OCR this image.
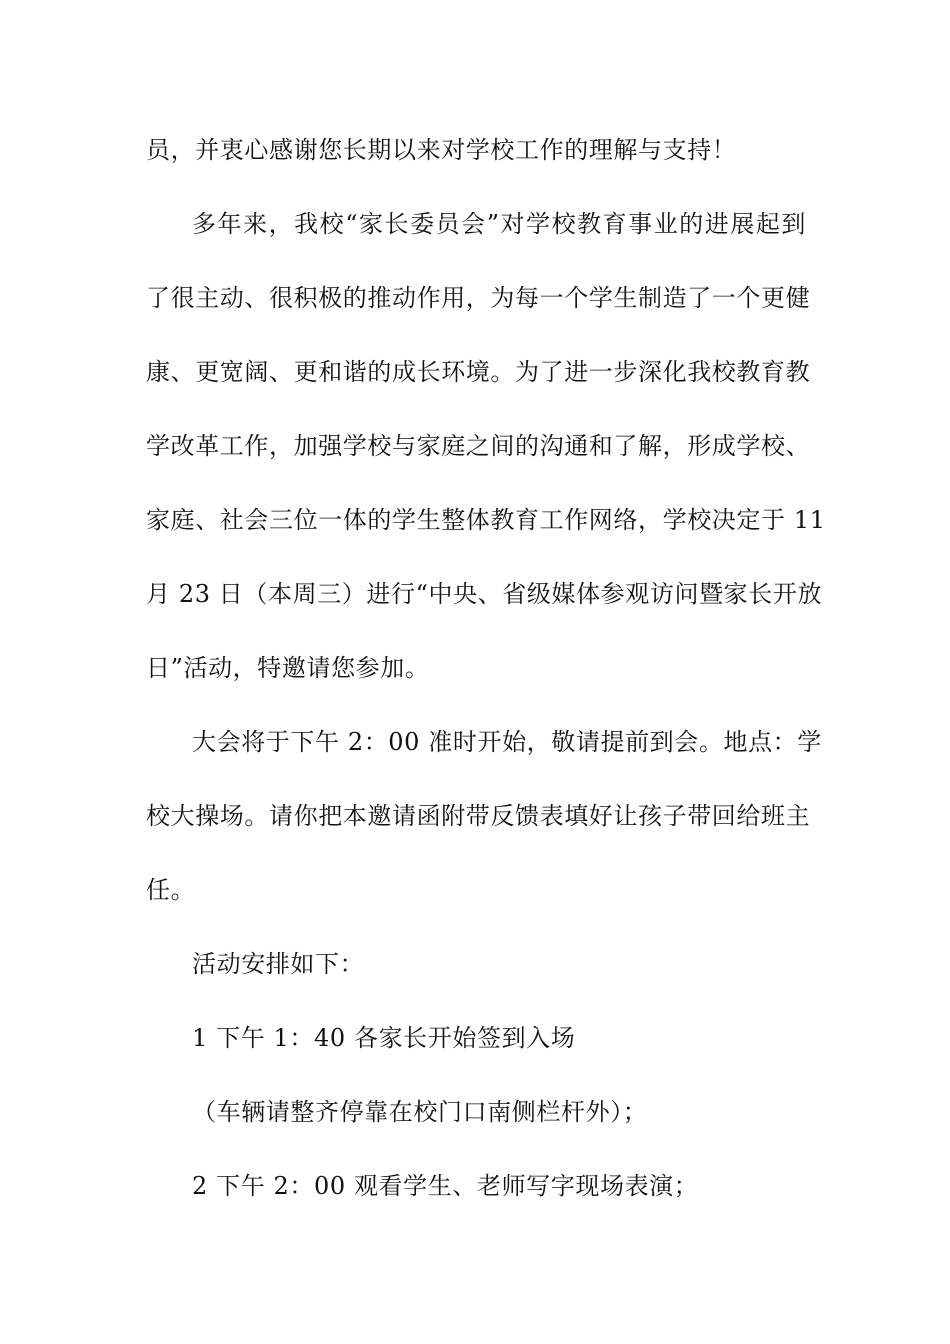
员，并衷心感谢您长期以来对学校工作的理解与支持！
多年来，我校“家长委员会”对学校教育事业的进展起到
了很主动、很积极的推动作用，为每一个学生制造了一个更健
康、更宽阔、更和谐的成长环境。为了进一步深化我校教育教
学改革工作，加强学校与家庭之间的沟通和了解，形成学校、
家庭、社会三位一体的学生整体教育工作网络，学校决定于 11
月 23 日（本周三）进行“中央、省级媒体参观访问暨家长开放
日”活动，特邀请您参加。
大会将于下午 2：00 准时开始，敬请提前到会。地点：学
校大操场。请你把本邀请函附带反馈表填好让孩子带回给班主
任。
活动安排如下：
1 下午 1：40 各家长开始签到入场
（车辆请整齐停靠在校门口南侧栏杆外）；
2 下午 2：00 观看学生、老师写字现场表演；
